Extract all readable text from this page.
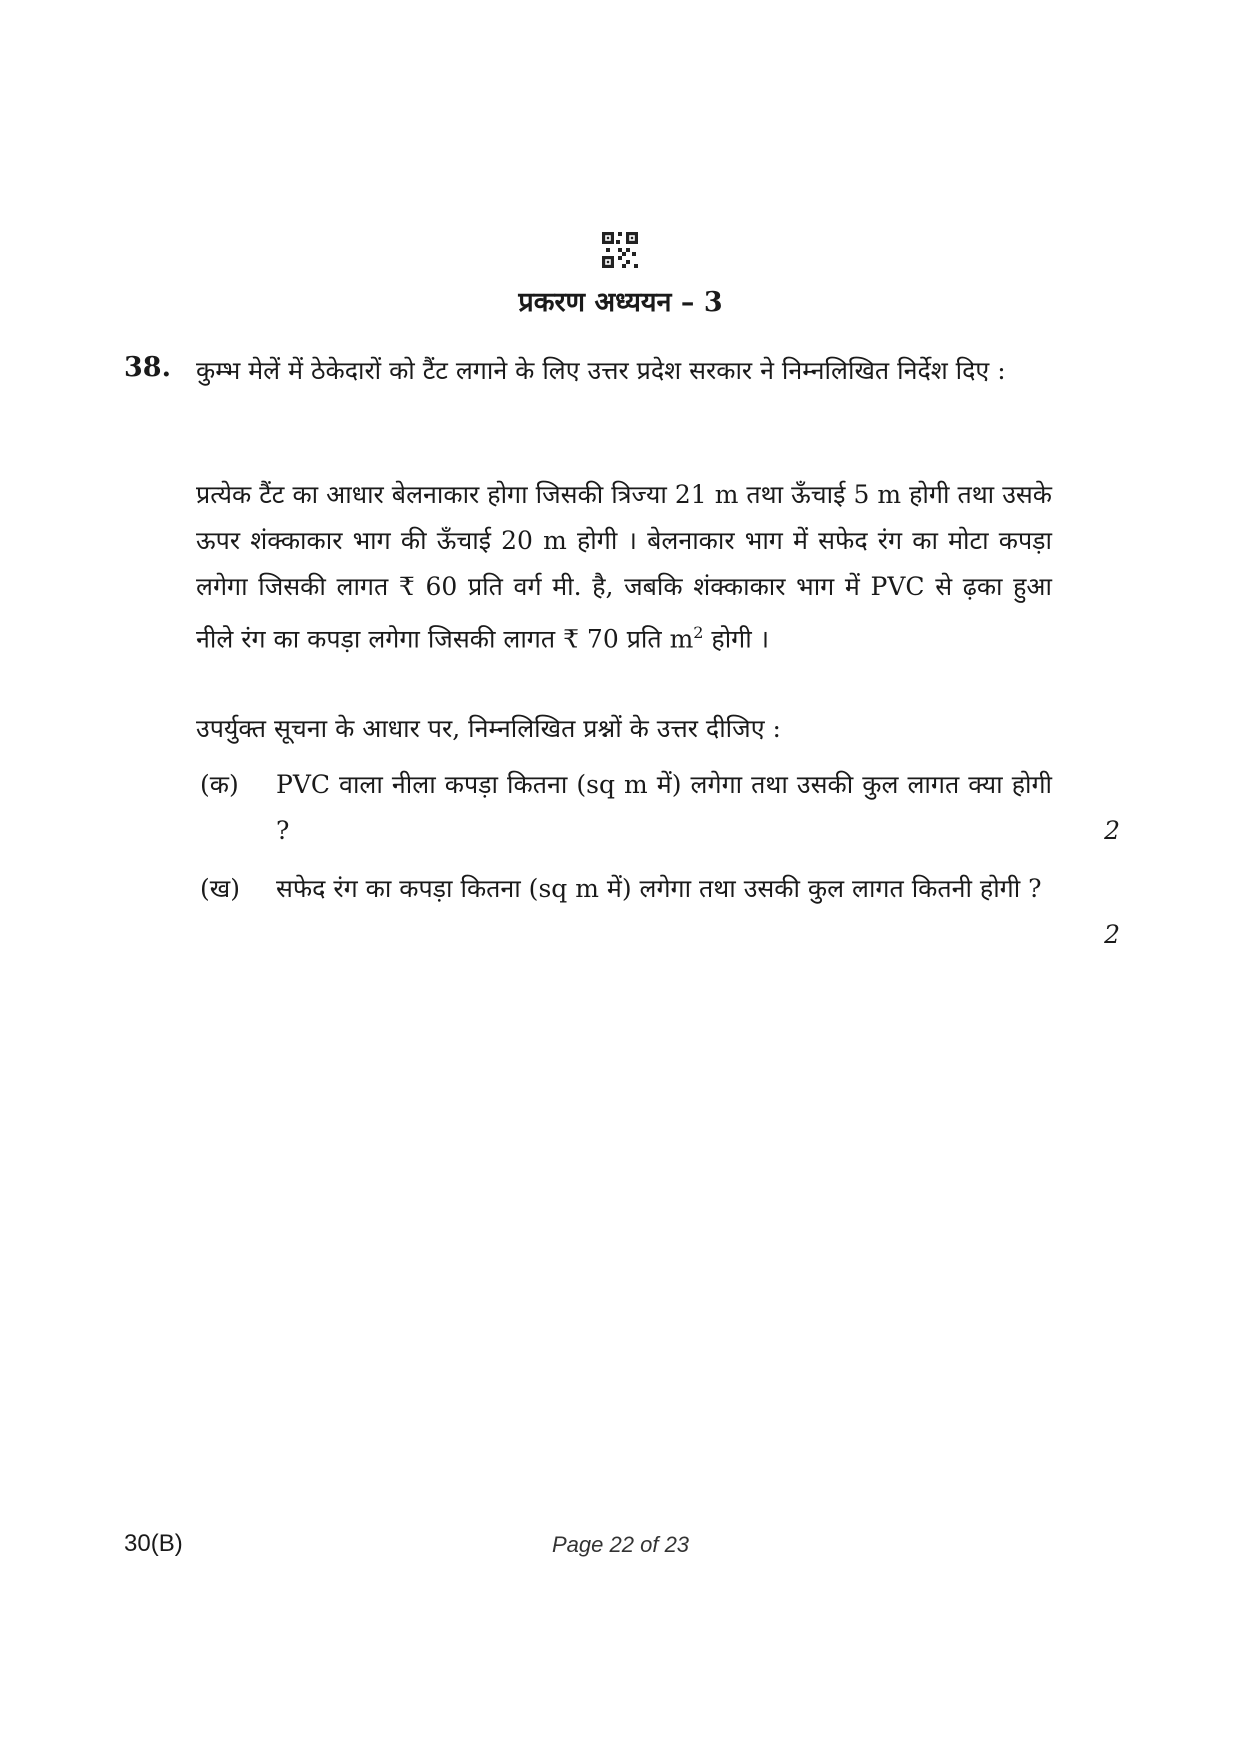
प्रकरण अध्ययन – 3
38. कुम्भ मेलें में ठेकेदारों को टैंट लगाने के लिए उत्तर प्रदेश सरकार ने निम्नलिखित निर्देश दिए :
प्रत्येक टैंट का आधार बेलनाकार होगा जिसकी त्रिज्या 21 m तथा ऊँचाई 5 m होगी तथा उसके ऊपर शंक्काकार भाग की ऊँचाई 20 m होगी । बेलनाकार भाग में सफेद रंग का मोटा कपड़ा लगेगा जिसकी लागत ₹ 60 प्रति वर्ग मी. है, जबकि शंक्काकार भाग में PVC से ढ़का हुआ नीले रंग का कपड़ा लगेगा जिसकी लागत ₹ 70 प्रति $m^2$ होगी ।
उपर्युक्त सूचना के आधार पर, निम्नलिखित प्रश्नों के उत्तर दीजिए :
(क) PVC वाला नीला कपड़ा कितना (sq m में) लगेगा तथा उसकी कुल लागत क्या होगी ?	2
(ख) सफेद रंग का कपड़ा कितना (sq m में) लगेगा तथा उसकी कुल लागत कितनी होगी ?
2
30(B)	Page 22 of 23
